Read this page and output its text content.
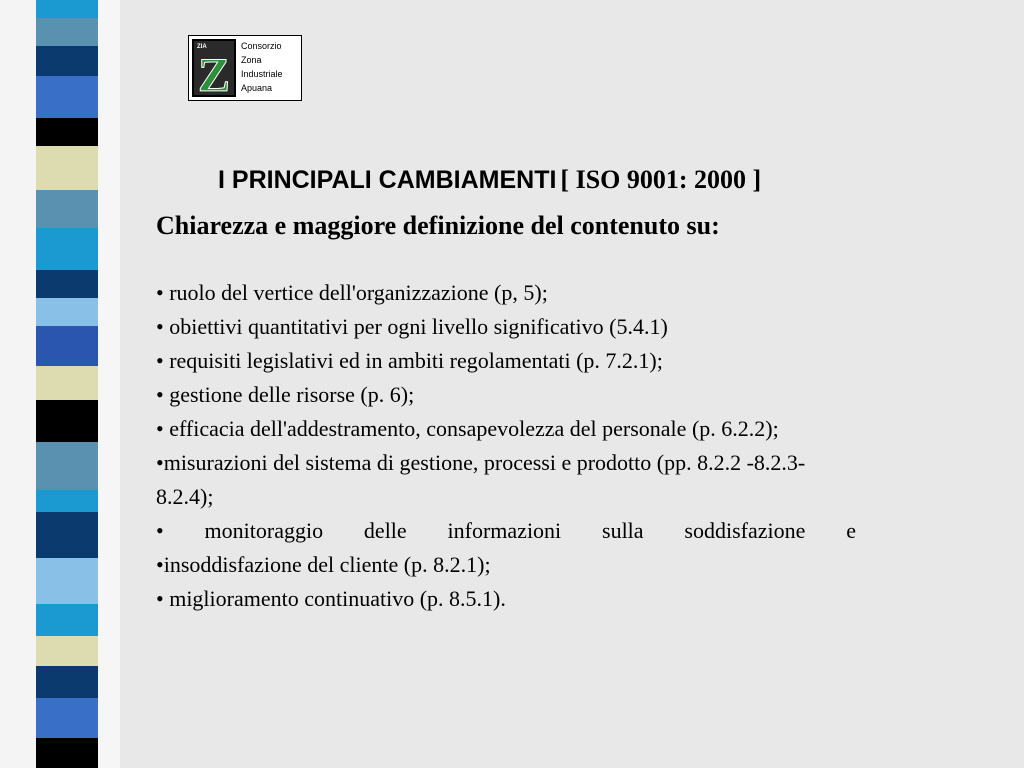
ZIA
Z
Consorzio
Zona
Industriale
Apuana
I PRINCIPALI CAMBIAMENTI [ ISO 9001: 2000 ]
Chiarezza e maggiore definizione del contenuto su:
• ruolo del vertice dell'organizzazione (p, 5);
• obiettivi quantitativi per ogni livello significativo (5.4.1)
• requisiti legislativi ed in ambiti regolamentati (p. 7.2.1);
• gestione delle risorse (p. 6);
• efficacia dell'addestramento, consapevolezza del personale (p. 6.2.2);
•misurazioni del sistema di gestione, processi e prodotto (pp. 8.2.2 -8.2.3-
8.2.4);
• monitoraggio delle informazioni sulla soddisfazione e
•insoddisfazione del cliente (p. 8.2.1);
• miglioramento continuativo (p. 8.5.1).
